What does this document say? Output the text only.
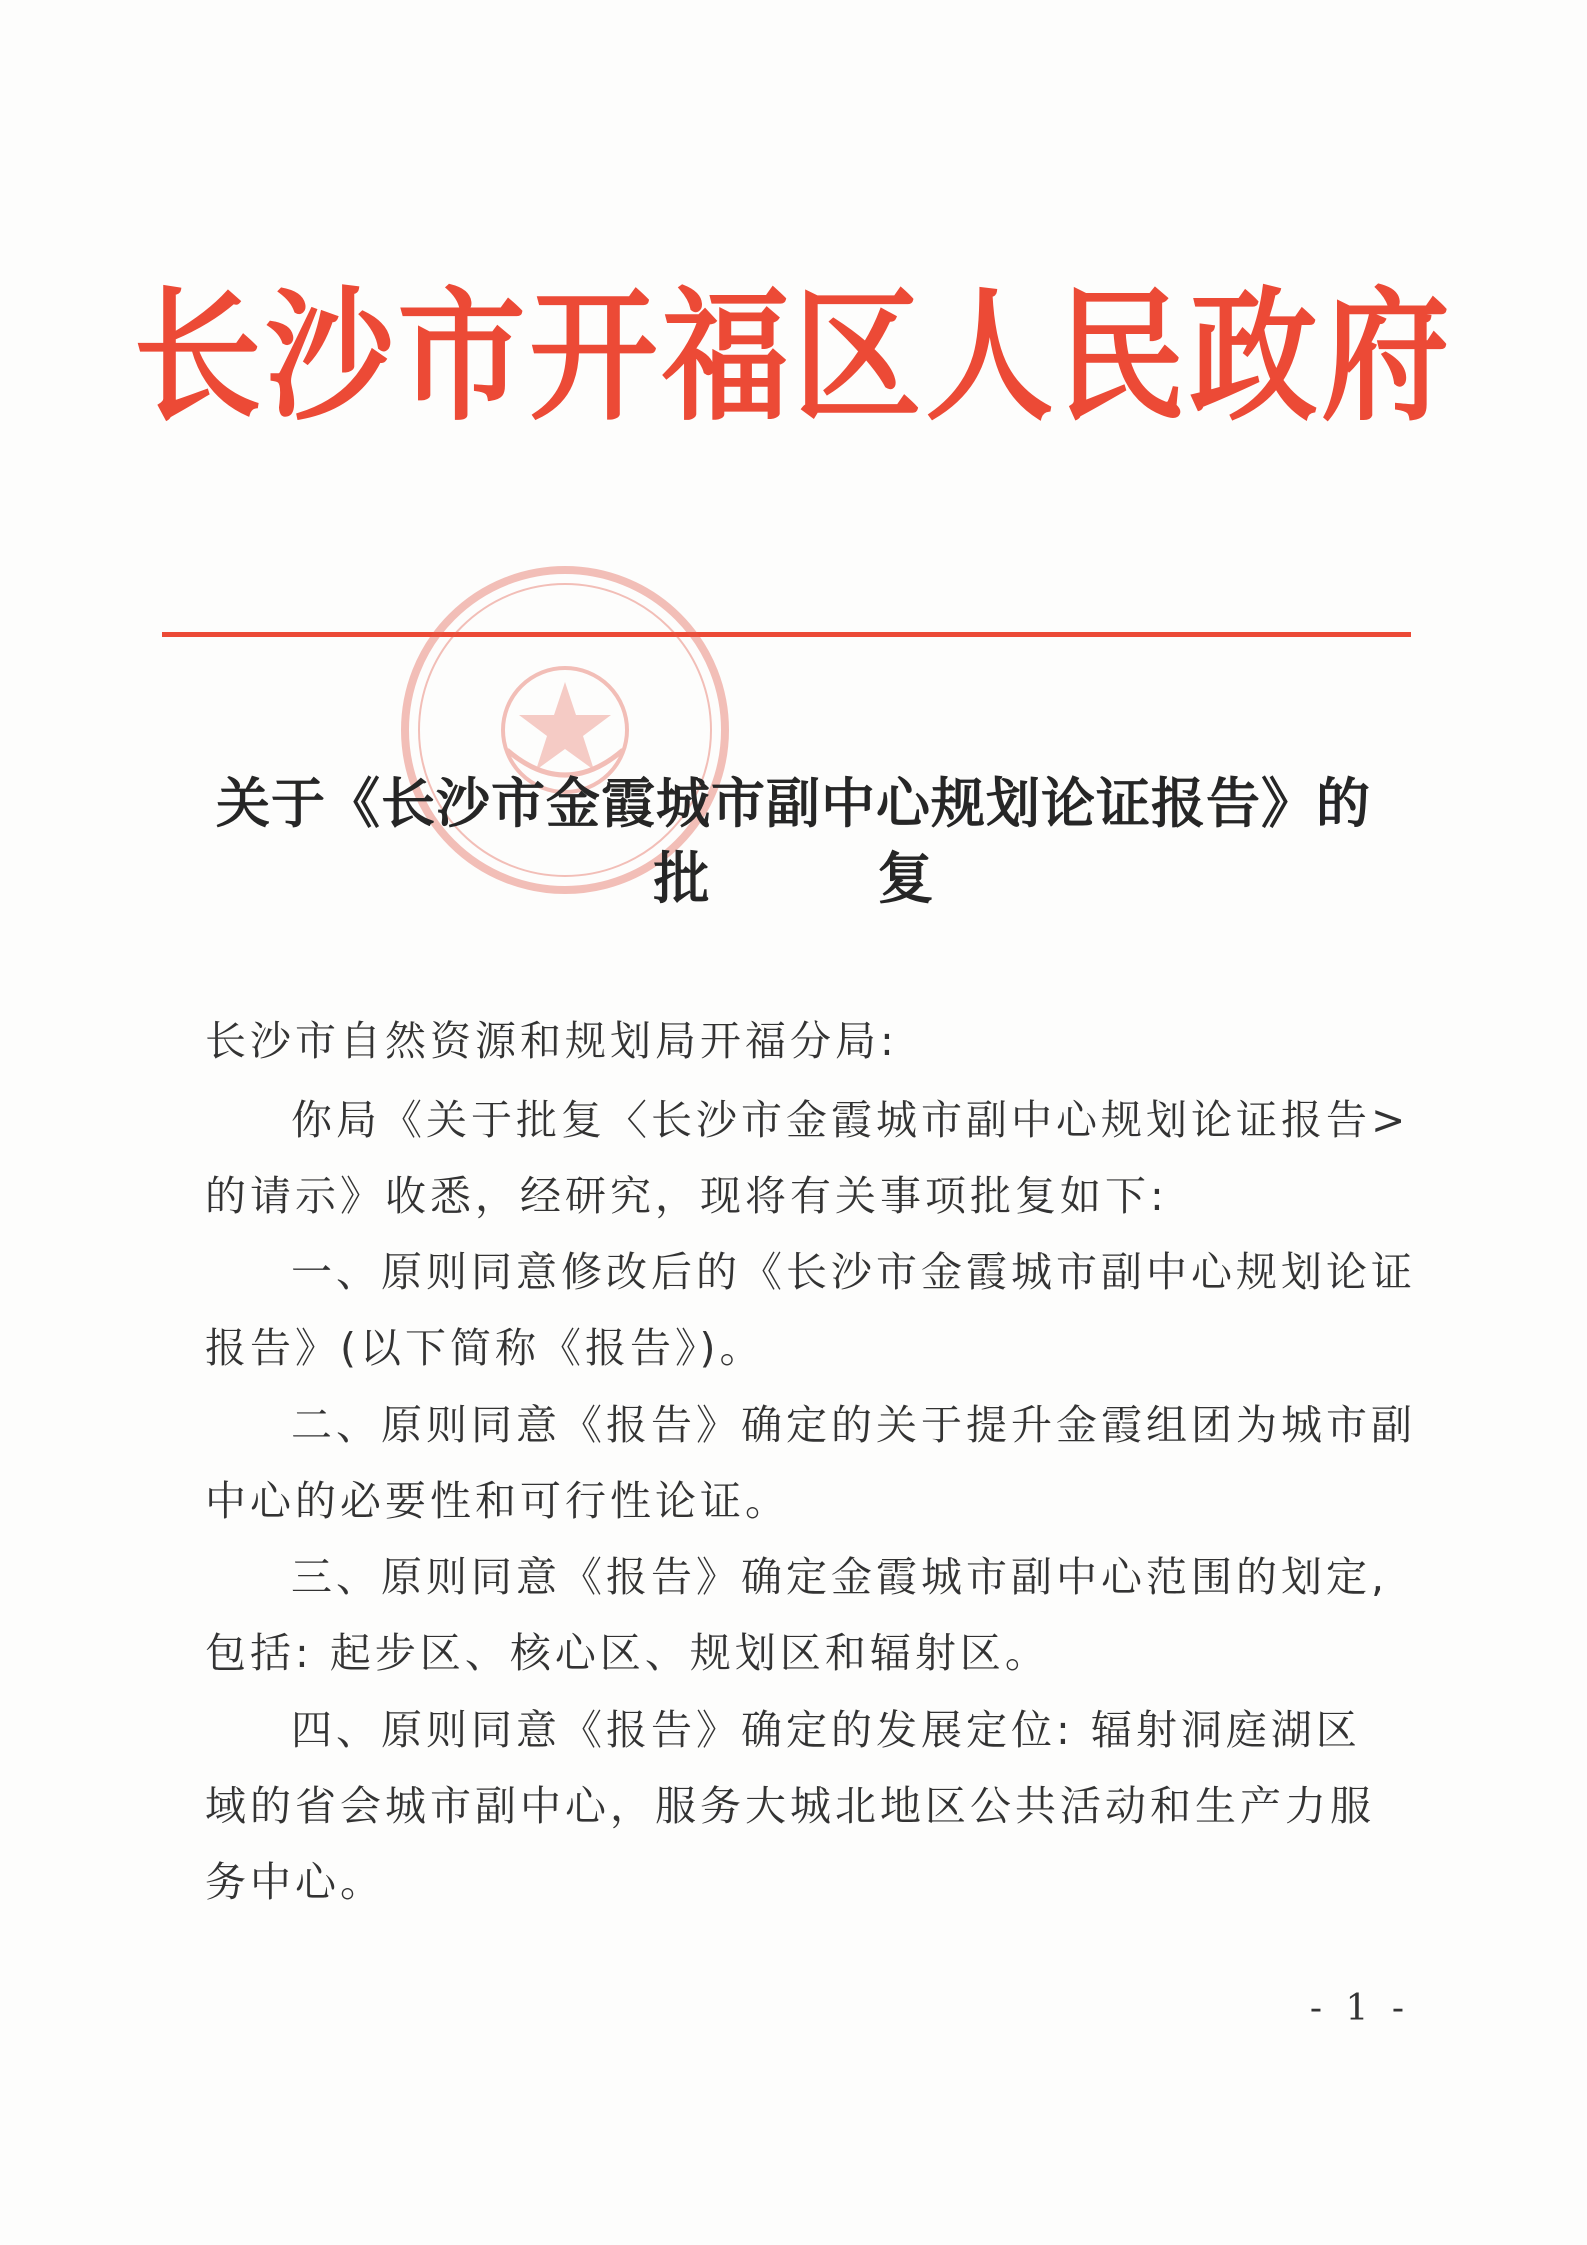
长沙市开福区人民政府
关于《长沙市金霞城市副中心规划论证报告》的
批	复
长沙市自然资源和规划局开福分局:
你局《关于批复〈长沙市金霞城市副中心规划论证报告>
的请示》收悉，经研究，现将有关事项批复如下:
一、原则同意修改后的《长沙市金霞城市副中心规划论证
报告》(以下简称《报告》)。
二、原则同意《报告》确定的关于提升金霞组团为城市副
中心的必要性和可行性论证。
三、原则同意《报告》确定金霞城市副中心范围的划定,
包括: 起步区、核心区、规划区和辐射区。
四、原则同意《报告》确定的发展定位: 辐射洞庭湖区
域的省会城市副中心，服务大城北地区公共活动和生产力服
务中心。
- 1 -
